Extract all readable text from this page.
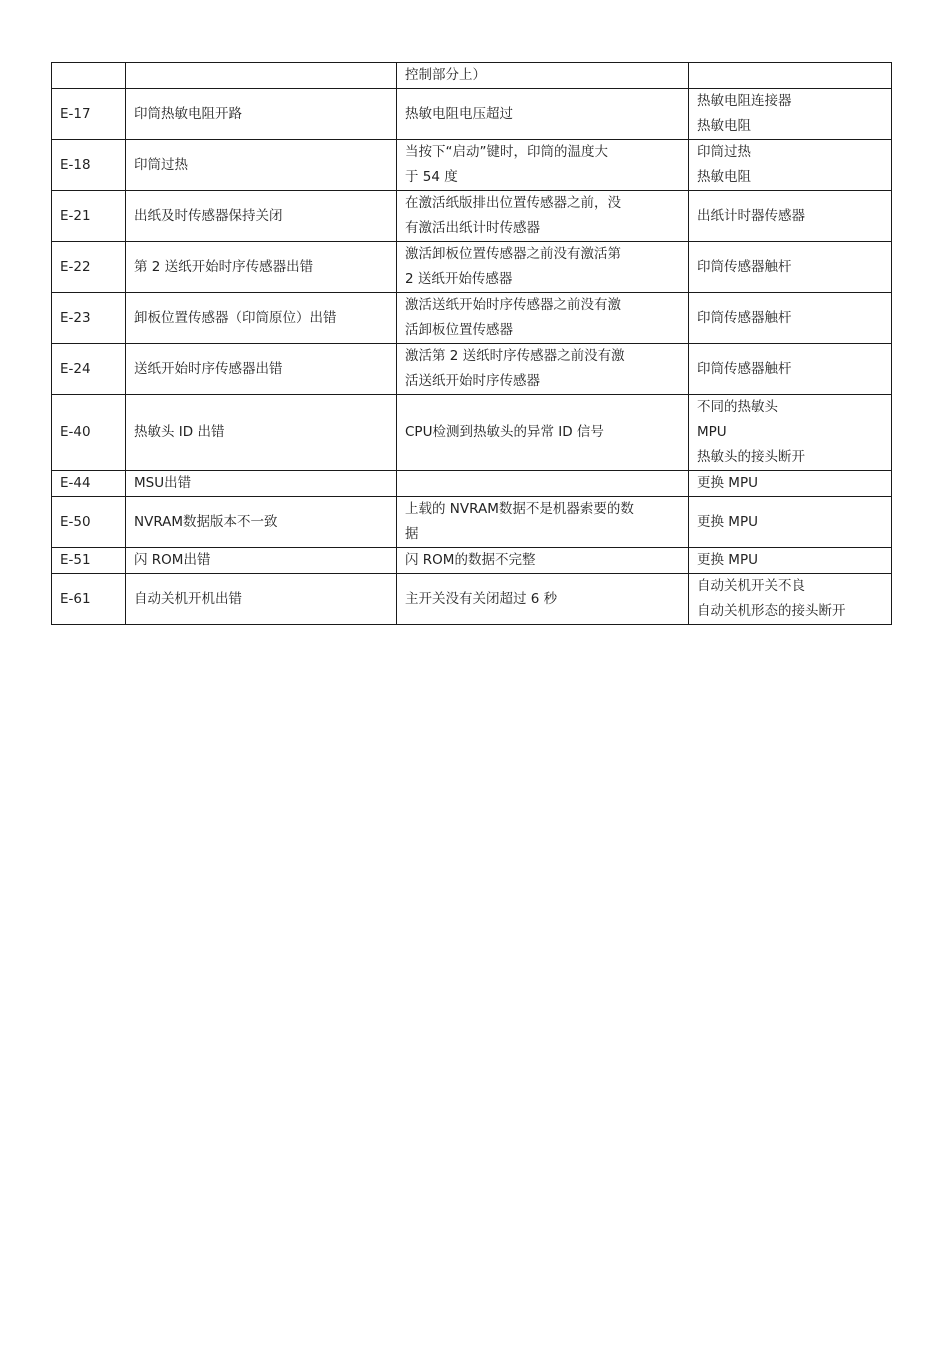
		控制部分上）	

E-17	印筒热敏电阻开路	热敏电阻电压超过	热敏电阻连接器
热敏电阻

E-18	印筒过热	当按下“启动”键时，印筒的温度大
于 54 度	印筒过热
热敏电阻

E-21	出纸及时传感器保持关闭	在激活纸版排出位置传感器之前，没
有激活出纸计时传感器	出纸计时器传感器

E-22	第 2 送纸开始时序传感器出错	激活卸板位置传感器之前没有激活第
2 送纸开始传感器	印筒传感器触杆

E-23	卸板位置传感器（印筒原位）出错	激活送纸开始时序传感器之前没有激
活卸板位置传感器	印筒传感器触杆

E-24	送纸开始时序传感器出错	激活第 2 送纸时序传感器之前没有激
活送纸开始时序传感器	印筒传感器触杆

E-40	热敏头 ID 出错	CPU检测到热敏头的异常 ID 信号	不同的热敏头
MPU
热敏头的接头断开

E-44	MSU出错		更换 MPU

E-50	NVRAM数据版本不一致	上载的 NVRAM数据不是机器索要的数
据	更换 MPU

E-51	闪 ROM出错	闪 ROM的数据不完整	更换 MPU

E-61	自动关机开机出错	主开关没有关闭超过 6 秒	自动关机开关不良
自动关机形态的接头断开
